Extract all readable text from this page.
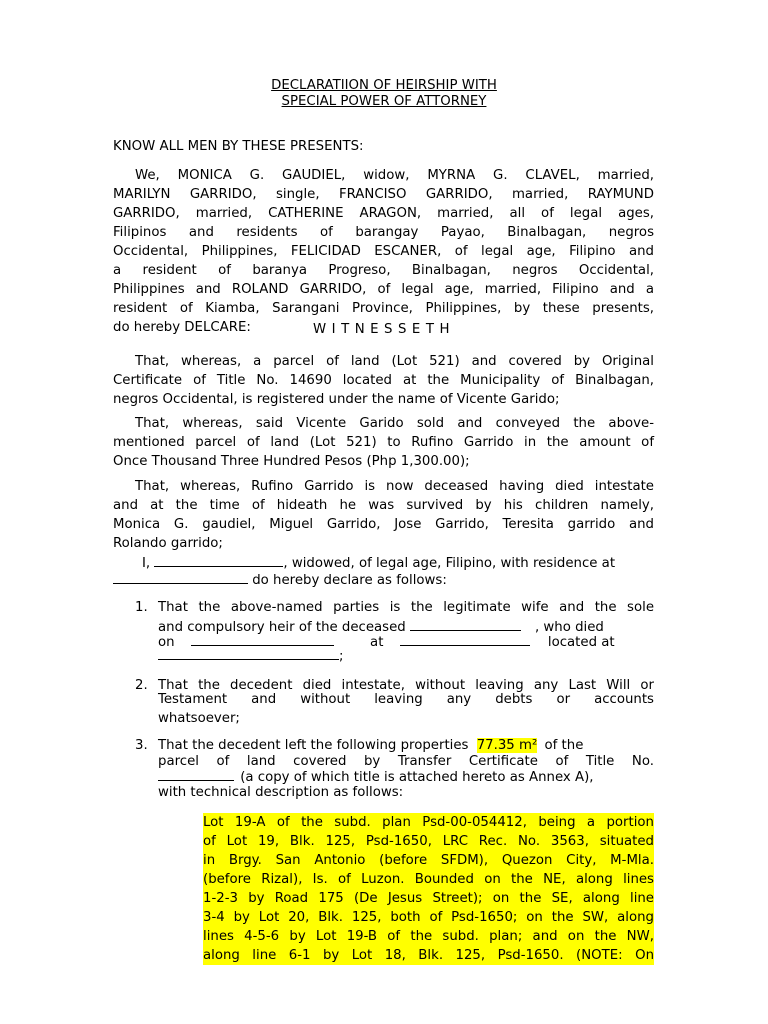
DECLARATIION OF HEIRSHIP WITH
SPECIAL POWER OF ATTORNEY
KNOW ALL MEN BY THESE PRESENTS:
We, MONICA G. GAUDIEL, widow, MYRNA G. CLAVEL, married,
MARILYN GARRIDO, single, FRANCISO GARRIDO, married, RAYMUND
GARRIDO, married, CATHERINE ARAGON, married, all of legal ages,
Filipinos and residents of barangay Payao, Binalbagan, negros
Occidental, Philippines, FELICIDAD ESCANER, of legal age, Filipino and
a resident of baranya Progreso, Binalbagan, negros Occidental,
Philippines and ROLAND GARRIDO, of legal age, married, Filipino and a
resident of Kiamba, Sarangani Province, Philippines, by these presents,
do hereby DELCARE:	WITNESSETH
That, whereas, a parcel of land (Lot 521) and covered by Original
Certificate of Title No. 14690 located at the Municipality of Binalbagan,
negros Occidental, is registered under the name of Vicente Garido;
That, whereas, said Vicente Garido sold and conveyed the above-
mentioned parcel of land (Lot 521) to Rufino Garrido in the amount of
Once Thousand Three Hundred Pesos (Php 1,300.00);
That, whereas, Rufino Garrido is now deceased having died intestate
and at the time of hideath he was survived by his children namely,
Monica G. gaudiel, Miguel Garrido, Jose Garrido, Teresita garrido and
Rolando garrido;
I,	, widowed, of legal age, Filipino, with residence at
do hereby declare as follows:
1. That the above-named parties is the legitimate wife and the sole
and compulsory heir of the deceased	, who died
on	at	located at
;
2. That the decedent died intestate, without leaving any Last Will or
Testament and without leaving any debts or accounts
whatsoever;
3. That the decedent left the following properties 77.35 m² of the
parcel of land covered by Transfer Certificate of Title No.
(a copy of which title is attached hereto as Annex A),
with technical description as follows:
Lot 19-A of the subd. plan Psd-00-054412, being a portion
of Lot 19, Blk. 125, Psd-1650, LRC Rec. No. 3563, situated
in Brgy. San Antonio (before SFDM), Quezon City, M-Mla.
(before Rizal), Is. of Luzon. Bounded on the NE, along lines
1-2-3 by Road 175 (De Jesus Street); on the SE, along line
3-4 by Lot 20, Blk. 125, both of Psd-1650; on the SW, along
lines 4-5-6 by Lot 19-B of the subd. plan; and on the NW,
along line 6-1 by Lot 18, Blk. 125, Psd-1650. (NOTE: On
